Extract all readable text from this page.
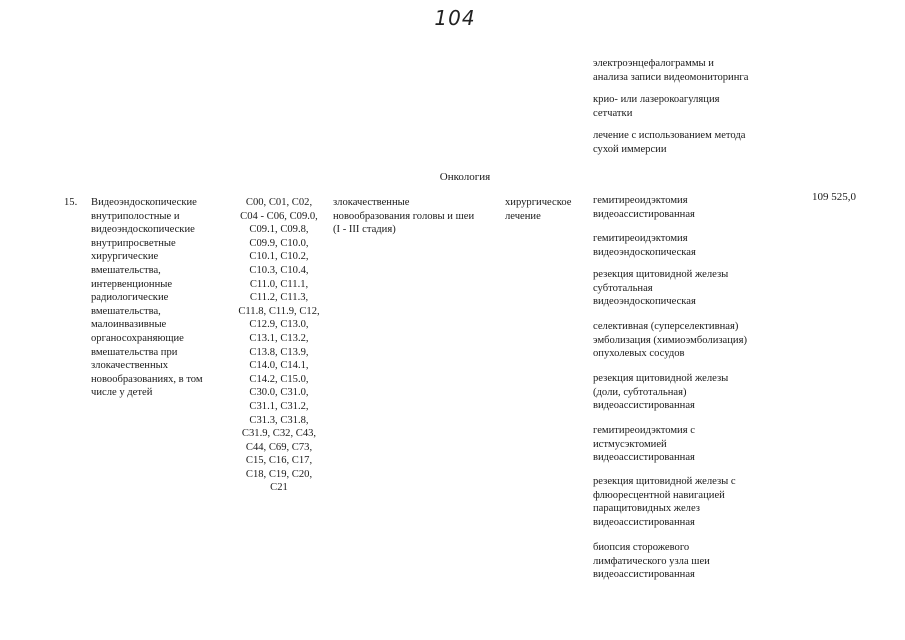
104
электроэнцефалограммы и
анализа записи видеомониторинга
крио- или лазерокоагуляция
сетчатки
лечение с использованием метода
сухой иммерсии
Онкология
15. Видеоэндоскопические
внутриполостные и
видеоэндоскопические
внутрипросветные
хирургические
вмешательства,
интервенционные
радиологические
вмешательства,
малоинвазивные
органосохраняющие
вмешательства при
злокачественных
новообразованиях, в том
числе у детей
C00, C01, C02,
C04 - C06, C09.0,
C09.1, C09.8,
C09.9, C10.0,
C10.1, C10.2,
C10.3, C10.4,
C11.0, C11.1,
C11.2, C11.3,
C11.8, C11.9, C12,
C12.9, C13.0,
C13.1, C13.2,
C13.8, C13.9,
C14.0, C14.1,
C14.2, C15.0,
C30.0, C31.0,
C31.1, C31.2,
C31.3, C31.8,
C31.9, C32, C43,
C44, C69, C73,
C15, C16, C17,
C18, C19, C20,
C21
злокачественные
новообразования головы и шеи
(I - III стадия)
хирургическое
лечение
109 525,0
гемитиреоидэктомия
видеоассистированная
гемитиреоидэктомия
видеоэндоскопическая
резекция щитовидной железы
субтотальная
видеоэндоскопическая
селективная (суперселективная)
эмболизация (химиоэмболизация)
опухолевых сосудов
резекция щитовидной железы
(доли, субтотальная)
видеоассистированная
гемитиреоидэктомия с
истмусэктомией
видеоассистированная
резекция щитовидной железы с
флюоресцентной навигацией
паращитовидных желез
видеоассистированная
биопсия сторожевого
лимфатического узла шеи
видеоассистированная
